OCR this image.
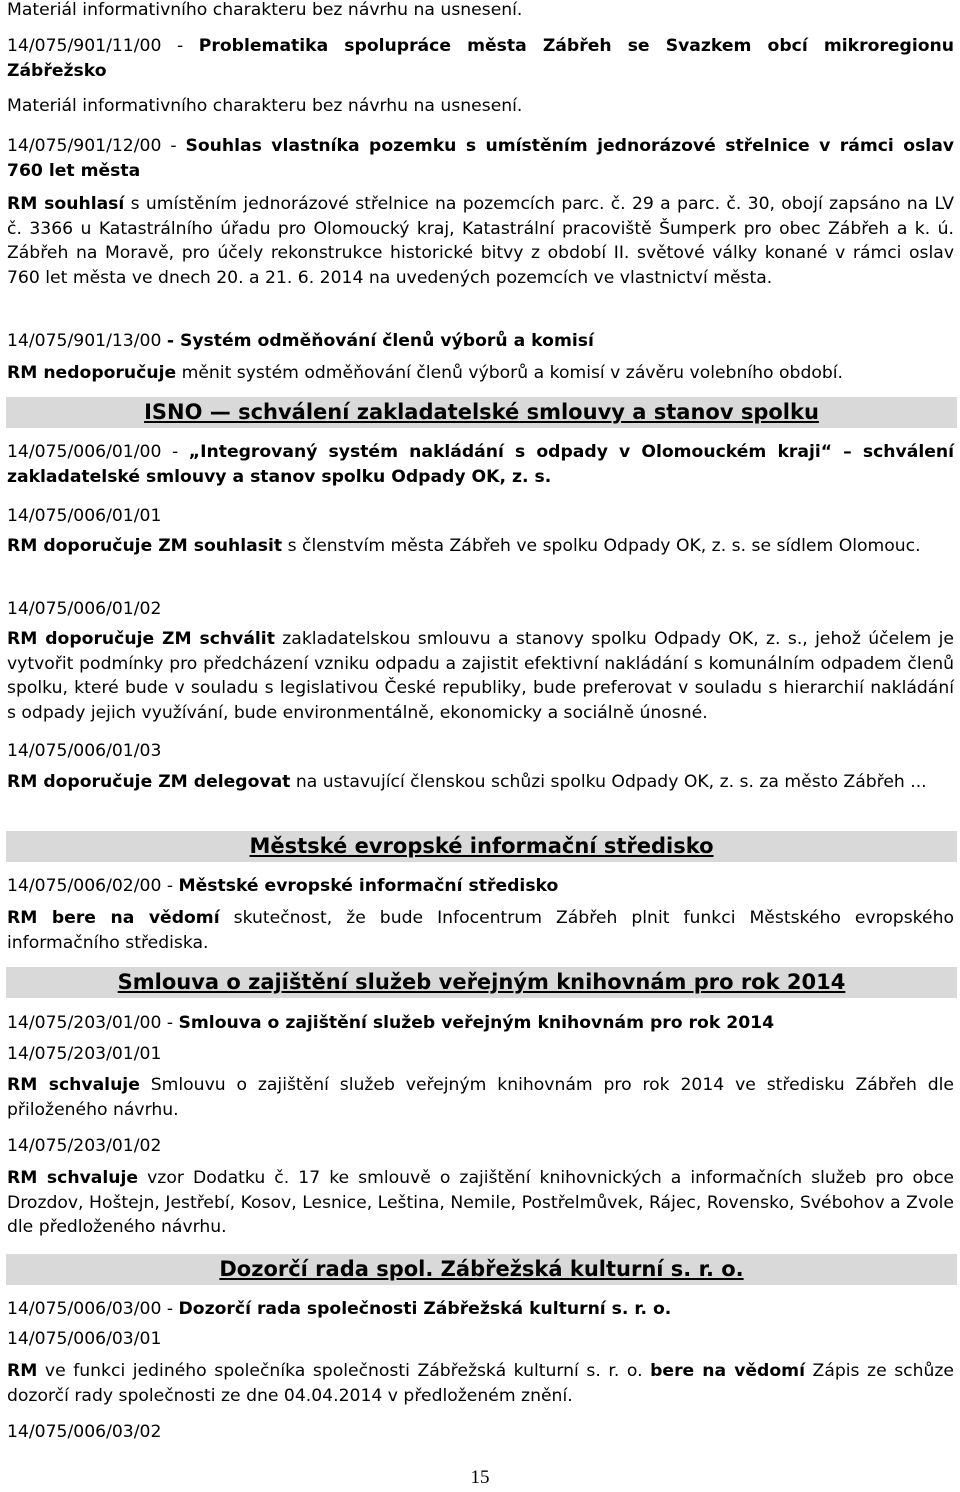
Materiál informativního charakteru bez návrhu na usnesení.

14/075/901/11/00 - Problematika spolupráce města Zábřeh se Svazkem obcí mikroregionu Zábřežsko

Materiál informativního charakteru bez návrhu na usnesení.

14/075/901/12/00 - Souhlas vlastníka pozemku s umístěním jednorázové střelnice v rámci oslav 760 let města

RM souhlasí s umístěním jednorázové střelnice na pozemcích parc. č. 29 a parc. č. 30, obojí zapsáno na LV č. 3366 u Katastrálního úřadu pro Olomoucký kraj, Katastrální pracoviště Šumperk pro obec Zábřeh a k. ú. Zábřeh na Moravě, pro účely rekonstrukce historické bitvy z období II. světové války konané v rámci oslav 760 let města ve dnech 20. a 21. 6. 2014 na uvedených pozemcích ve vlastnictví města.

14/075/901/13/00 - Systém odměňování členů výborů a komisí

RM nedoporučuje měnit systém odměňování členů výborů a komisí v závěru volebního období.

ISNO — schválení zakladatelské smlouvy a stanov spolku

14/075/006/01/00 - „Integrovaný systém nakládání s odpady v Olomouckém kraji“ – schválení zakladatelské smlouvy a stanov spolku Odpady OK, z. s.

14/075/006/01/01

RM doporučuje ZM souhlasit s členstvím města Zábřeh ve spolku Odpady OK, z. s. se sídlem Olomouc.

14/075/006/01/02

RM doporučuje ZM schválit zakladatelskou smlouvu a stanovy spolku Odpady OK, z. s., jehož účelem je vytvořit podmínky pro předcházení vzniku odpadu a zajistit efektivní nakládání s komunálním odpadem členů spolku, které bude v souladu s legislativou České republiky, bude preferovat v souladu s hierarchií nakládání s odpady jejich využívání, bude environmentálně, ekonomicky a sociálně únosné.

14/075/006/01/03

RM doporučuje ZM delegovat na ustavující členskou schůzi spolku Odpady OK, z. s. za město Zábřeh ...

Městské evropské informační středisko

14/075/006/02/00 - Městské evropské informační středisko

RM bere na vědomí skutečnost, že bude Infocentrum Zábřeh plnit funkci Městského evropského informačního střediska.

Smlouva o zajištění služeb veřejným knihovnám pro rok 2014

14/075/203/01/00 - Smlouva o zajištění služeb veřejným knihovnám pro rok 2014

14/075/203/01/01

RM schvaluje Smlouvu o zajištění služeb veřejným knihovnám pro rok 2014 ve středisku Zábřeh dle přiloženého návrhu.

14/075/203/01/02

RM schvaluje vzor Dodatku č. 17 ke smlouvě o zajištění knihovnických a informačních služeb pro obce Drozdov, Hoštejn, Jestřebí, Kosov, Lesnice, Leština, Nemile, Postřelmůvek, Rájec, Rovensko, Svébohov a Zvole dle předloženého návrhu.

Dozorčí rada spol. Zábřežská kulturní s. r. o.

14/075/006/03/00 - Dozorčí rada společnosti Zábřežská kulturní s. r. o.

14/075/006/03/01

RM ve funkci jediného společníka společnosti Zábřežská kulturní s. r. o. bere na vědomí Zápis ze schůze dozorčí rady společnosti ze dne 04.04.2014 v předloženém znění.

14/075/006/03/02

15
